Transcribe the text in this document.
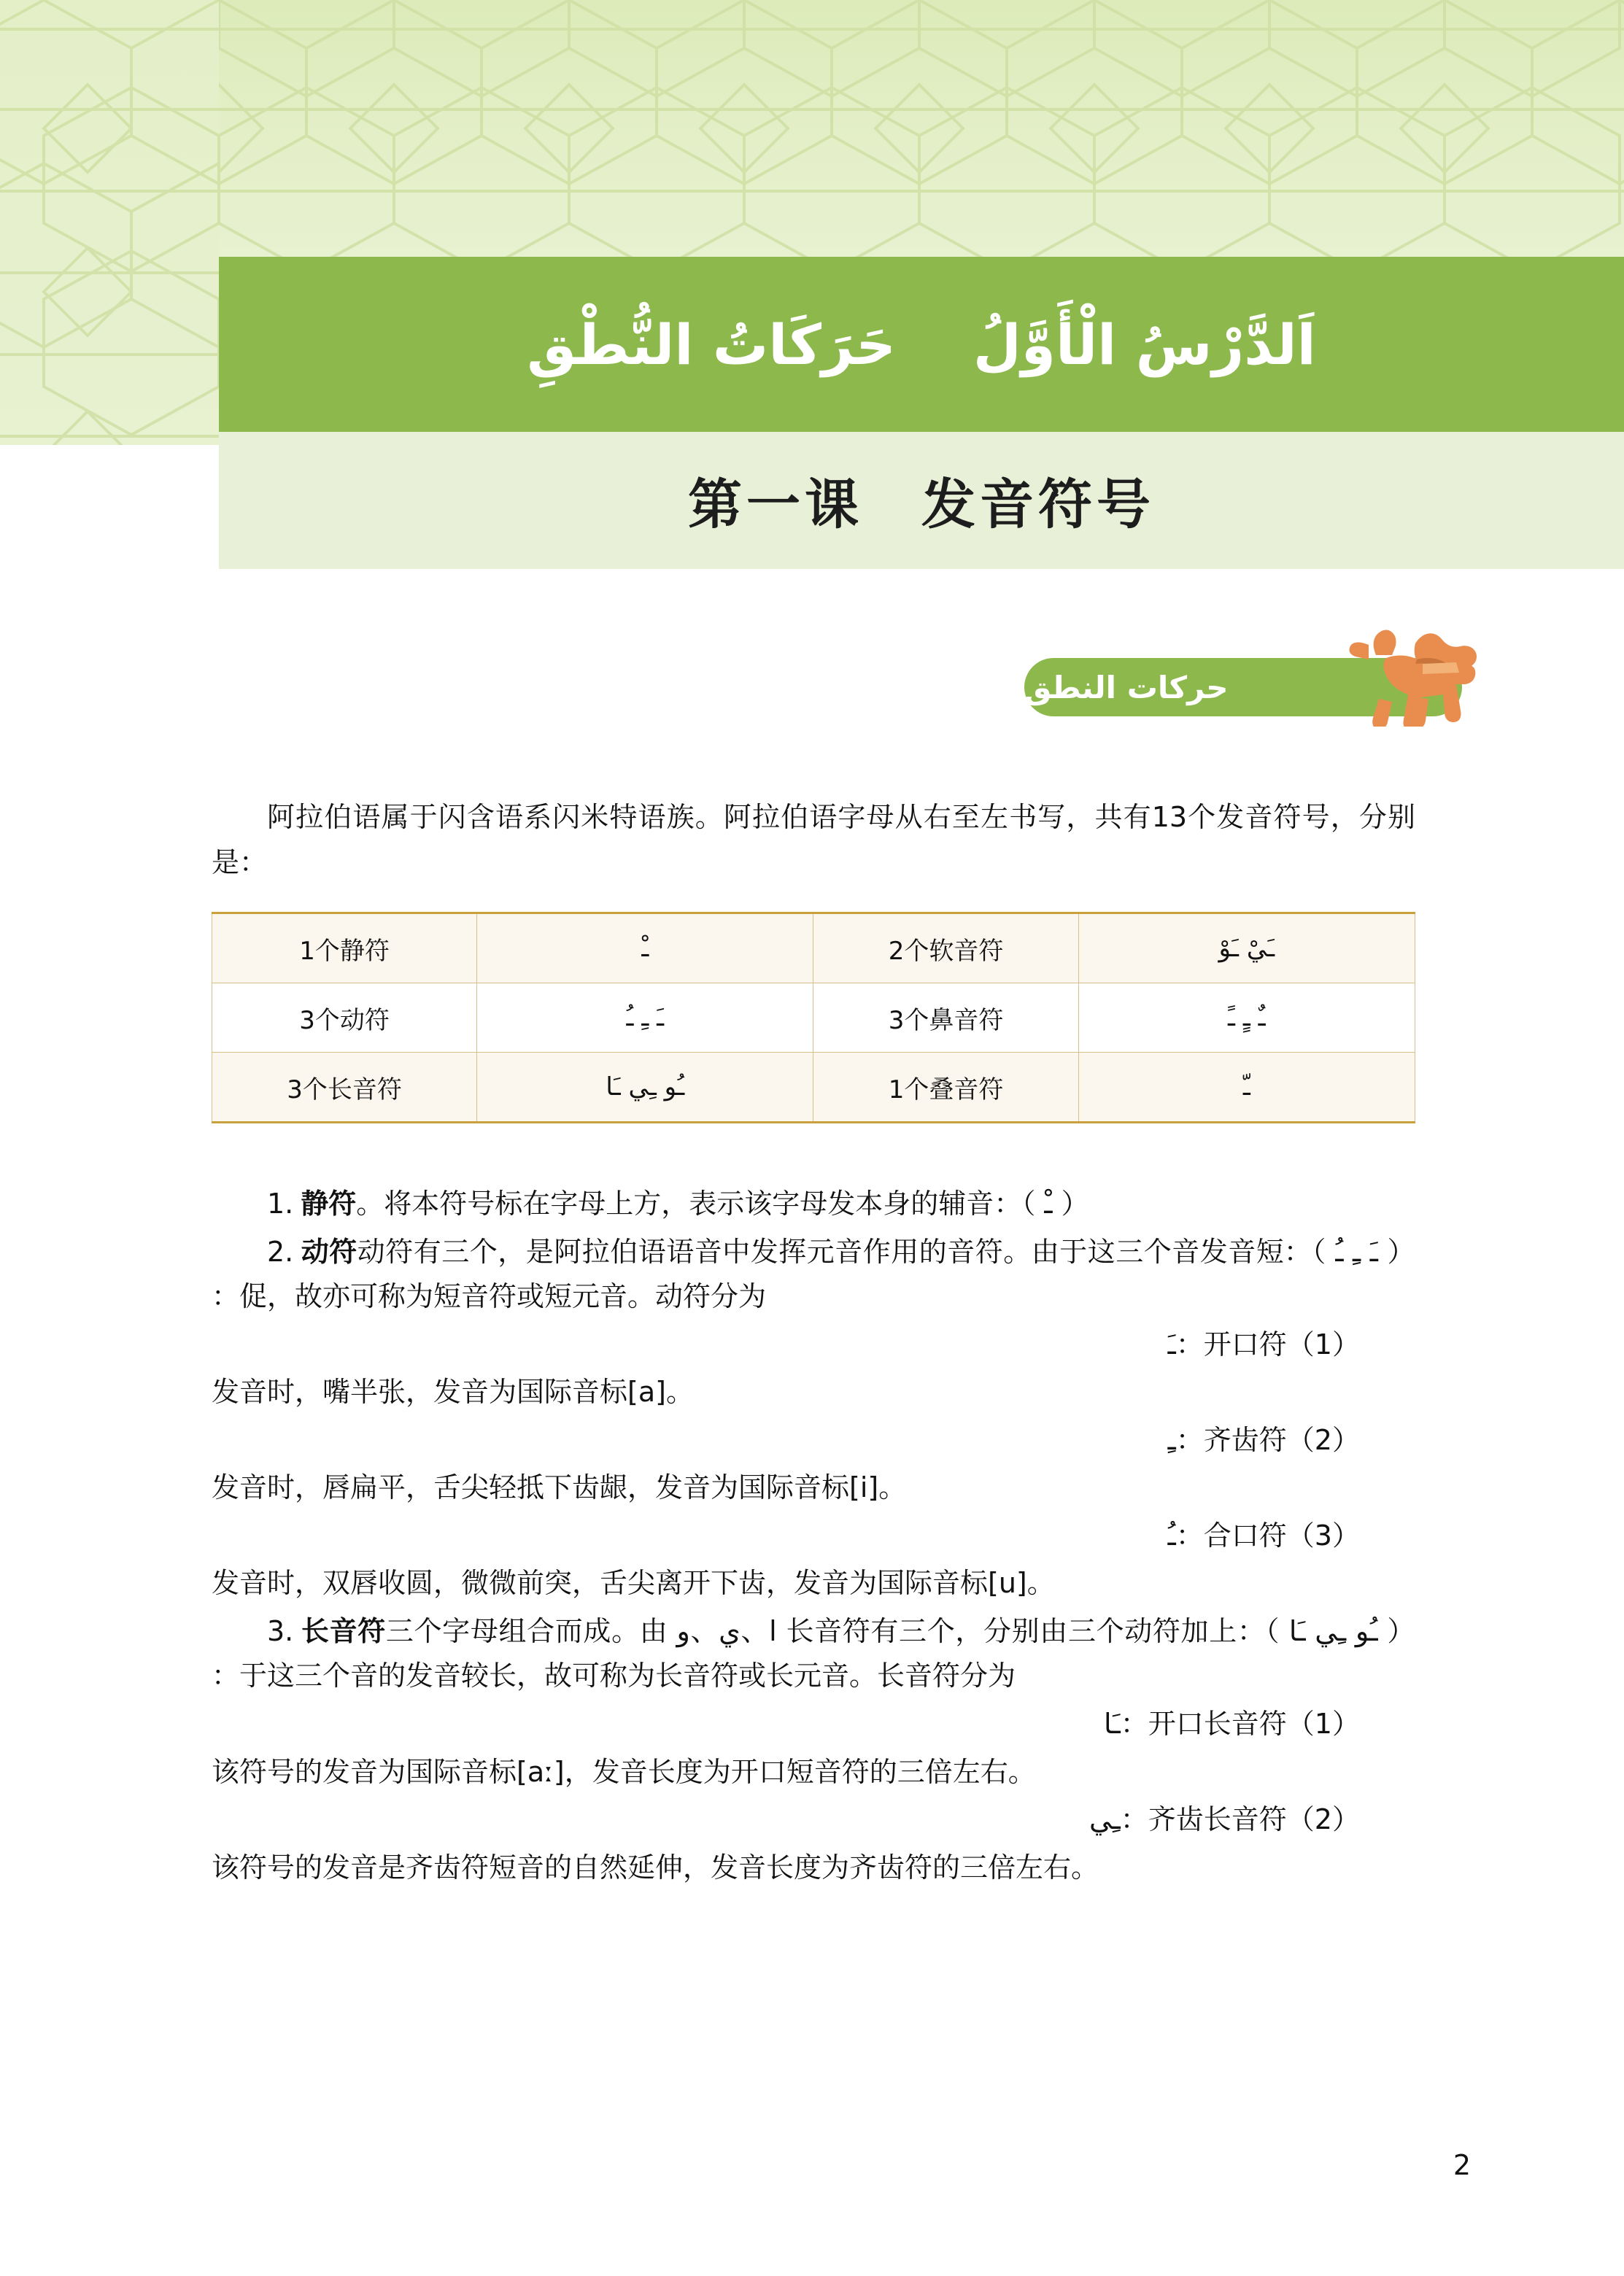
اَلدَّرْسُ الْأَوَّلُ    حَرَكَاتُ النُّطْقِ
第一课　发音符号
حركات النطق

阿拉伯语属于闪含语系闪米特语族。阿拉伯语字母从右至左书写，共有13个发音符号，分别是：

1个静符	ـْ	2个软音符	ـَيْ ـَوْ
3个动符	ـَ ـِ ـُ	3个鼻音符	ـٌ ـٍ ـً
3个长音符	ـُو ـِي ـَا	1个叠音符	ـّ

1. 静符（ ـْ ）：将本符号标在字母上方，表示该字母发本身的辅音。

2. 动符（ ـَ ـِ ـُ ）：动符有三个，是阿拉伯语语音中发挥元音作用的音符。由于这三个音发音短促，故亦可称为短音符或短元音。动符分为：

（1）开口符：ـَ

发音时，嘴半张，发音为国际音标[a]。

（2）齐齿符：ـِ

发音时，唇扁平，舌尖轻抵下齿龈，发音为国际音标[i]。

（3）合口符：ـُ

发音时，双唇收圆，微微前突，舌尖离开下齿，发音为国际音标[u]。

3. 长音符（ ـُو ـِي ـَا ）：长音符有三个，分别由三个动符加上 ا、ي、و 三个字母组合而成。由于这三个音的发音较长，故可称为长音符或长元音。长音符分为：

（1）开口长音符：ـَا

该符号的发音为国际音标[aː]，发音长度为开口短音符的三倍左右。

（2）齐齿长音符：ـِي

该符号的发音是齐齿符短音的自然延伸，发音长度为齐齿符的三倍左右。

2
